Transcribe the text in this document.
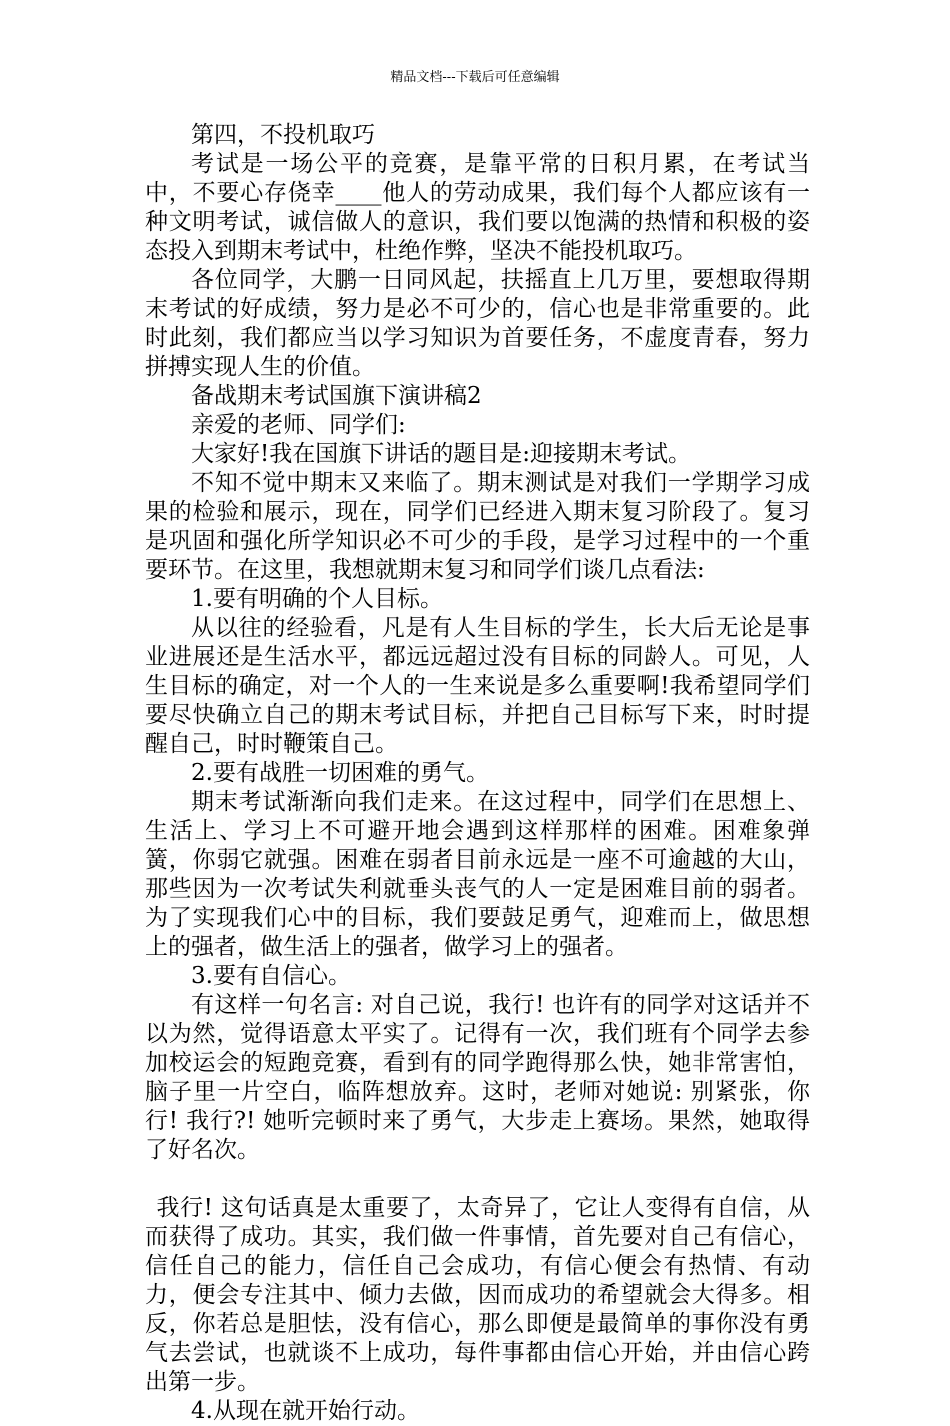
精品文档---下载后可任意编辑

第四，不投机取巧

考试是一场公平的竞赛，是靠平常的日积月累，在考试当中，不要心存侥幸____他人的劳动成果，我们每个人都应该有一种文明考试，诚信做人的意识，我们要以饱满的热情和积极的姿态投入到期末考试中，杜绝作弊，坚决不能投机取巧。

各位同学，大鹏一日同风起，扶摇直上几万里，要想取得期末考试的好成绩，努力是必不可少的，信心也是非常重要的。此时此刻，我们都应当以学习知识为首要任务，不虚度青春，努力拼搏实现人生的价值。

备战期末考试国旗下演讲稿2

亲爱的老师、同学们:

大家好!我在国旗下讲话的题目是:迎接期末考试。

不知不觉中期末又来临了。期末测试是对我们一学期学习成果的检验和展示，现在，同学们已经进入期末复习阶段了。复习是巩固和强化所学知识必不可少的手段，是学习过程中的一个重要环节。在这里，我想就期末复习和同学们谈几点看法:

1.要有明确的个人目标。

从以往的经验看，凡是有人生目标的学生，长大后无论是事业进展还是生活水平，都远远超过没有目标的同龄人。可见，人生目标的确定，对一个人的一生来说是多么重要啊!我希望同学们要尽快确立自己的期末考试目标，并把自己目标写下来，时时提醒自己，时时鞭策自己。

2.要有战胜一切困难的勇气。

期末考试渐渐向我们走来。在这过程中，同学们在思想上、生活上、学习上不可避开地会遇到这样那样的困难。困难象弹簧，你弱它就强。困难在弱者目前永远是一座不可逾越的大山，那些因为一次考试失利就垂头丧气的人一定是困难目前的弱者。为了实现我们心中的目标，我们要鼓足勇气，迎难而上，做思想上的强者，做生活上的强者，做学习上的强者。

3.要有自信心。

有这样一句名言: 对自己说，我行! 也许有的同学对这话并不以为然，觉得语意太平实了。记得有一次，我们班有个同学去参加校运会的短跑竞赛，看到有的同学跑得那么快，她非常害怕，脑子里一片空白，临阵想放弃。这时，老师对她说: 别紧张，你行! 我行?! 她听完顿时来了勇气，大步走上赛场。果然，她取得了好名次。

我行! 这句话真是太重要了，太奇异了，它让人变得有自信，从而获得了成功。其实，我们做一件事情，首先要对自己有信心，信任自己的能力，信任自己会成功，有信心便会有热情、有动力，便会专注其中、倾力去做，因而成功的希望就会大得多。相反，你若总是胆怯，没有信心，那么即便是最简单的事你没有勇气去尝试，也就谈不上成功，每件事都由信心开始，并由信心跨出第一步。

4.从现在就开始行动。
